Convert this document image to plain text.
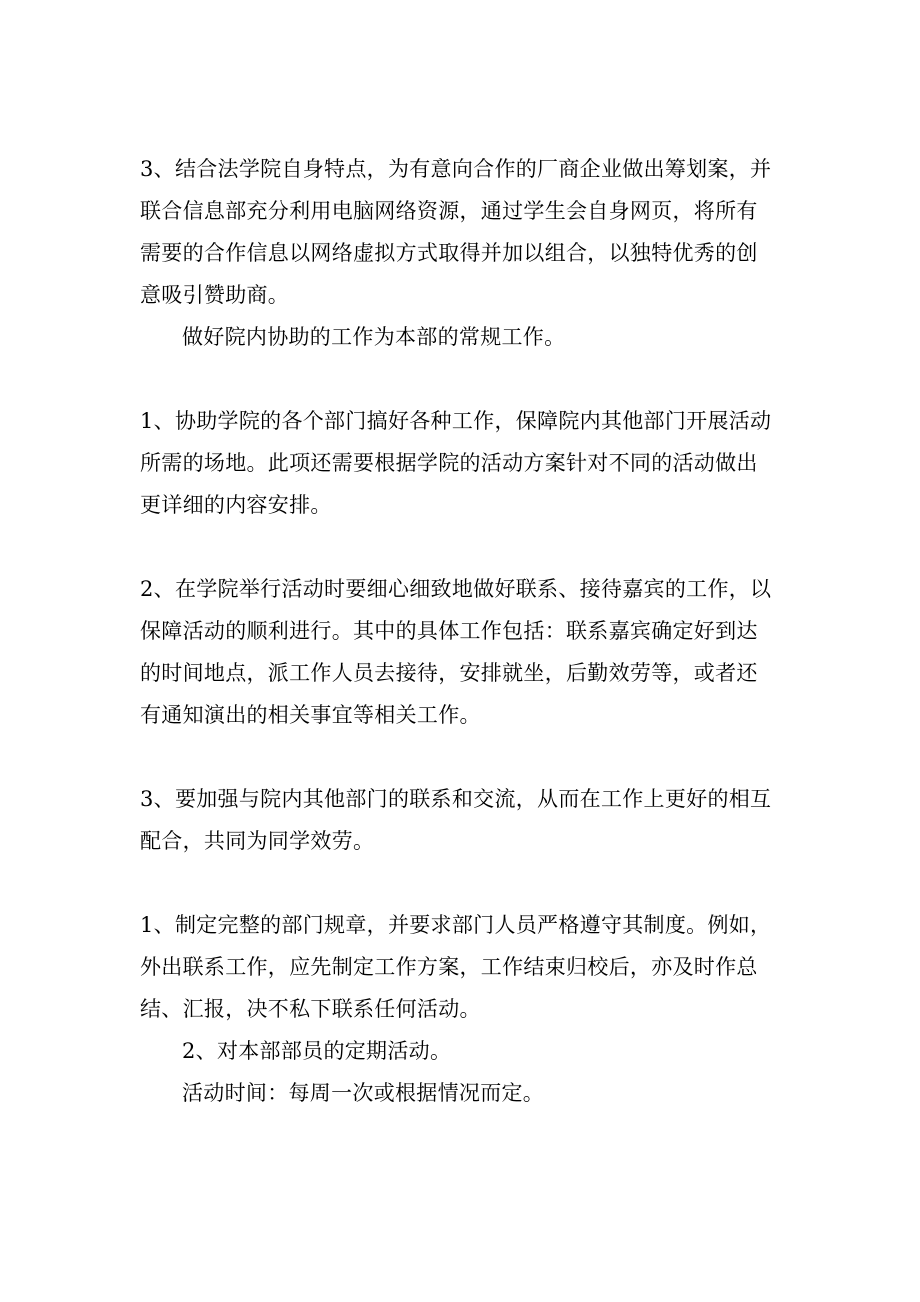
3、结合法学院自身特点，为有意向合作的厂商企业做出筹划案，并
联合信息部充分利用电脑网络资源，通过学生会自身网页，将所有
需要的合作信息以网络虚拟方式取得并加以组合，以独特优秀的创
意吸引赞助商。
做好院内协助的工作为本部的常规工作。
1、协助学院的各个部门搞好各种工作，保障院内其他部门开展活动
所需的场地。此项还需要根据学院的活动方案针对不同的活动做出
更详细的内容安排。
2、在学院举行活动时要细心细致地做好联系、接待嘉宾的工作，以
保障活动的顺利进行。其中的具体工作包括：联系嘉宾确定好到达
的时间地点，派工作人员去接待，安排就坐，后勤效劳等，或者还
有通知演出的相关事宜等相关工作。
3、要加强与院内其他部门的联系和交流，从而在工作上更好的相互
配合，共同为同学效劳。
1、制定完整的部门规章，并要求部门人员严格遵守其制度。例如，
外出联系工作，应先制定工作方案，工作结束归校后，亦及时作总
结、汇报，决不私下联系任何活动。
2、对本部部员的定期活动。
活动时间：每周一次或根据情况而定。
